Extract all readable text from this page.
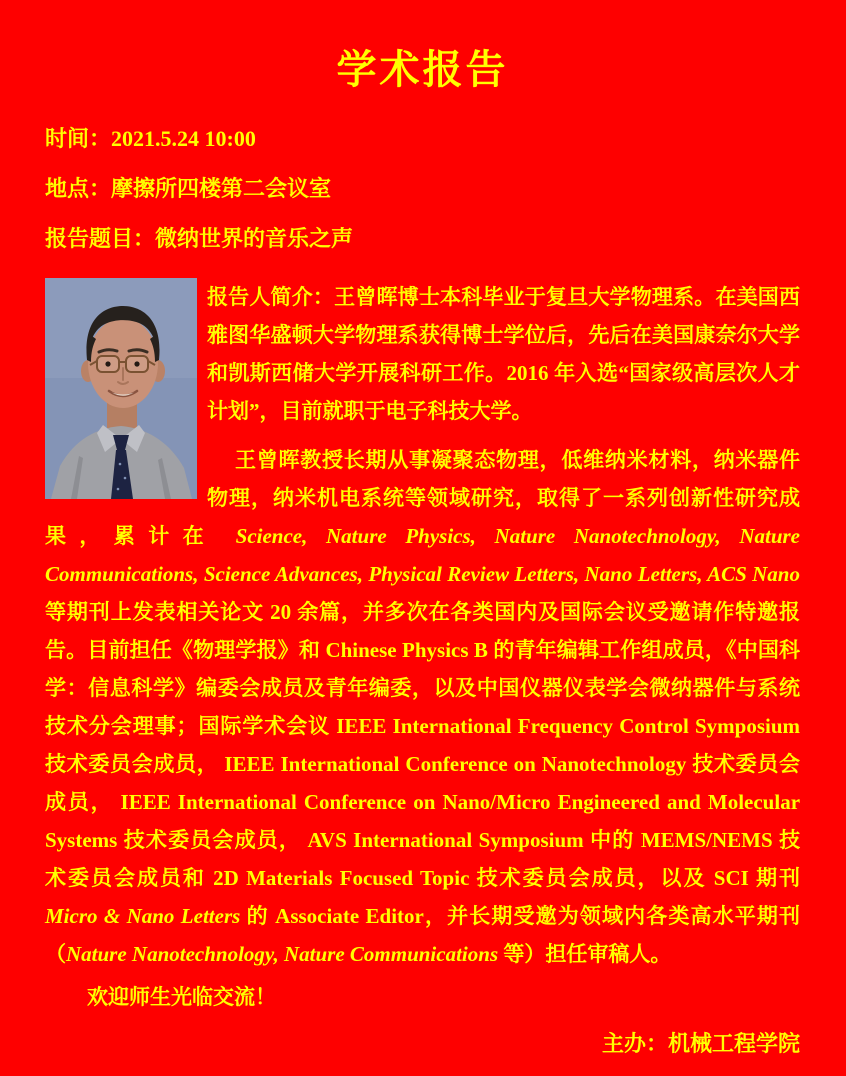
学术报告

时间：2021.5.24 10:00

地点：摩擦所四楼第二会议室

报告题目：微纳世界的音乐之声

报告人简介：王曾晖博士本科毕业于复旦大学物理系。在美国西雅图华盛顿大学物理系获得博士学位后，先后在美国康奈尔大学和凯斯西储大学开展科研工作。2016 年入选“国家级高层次人才计划”，目前就职于电子科技大学。

王曾晖教授长期从事凝聚态物理，低维纳米材料，纳米器件物理，纳米机电系统等领域研究，取得了一系列创新性研究成果，累计在 Science, Nature Physics, Nature Nanotechnology, Nature Communications, Science Advances, Physical Review Letters, Nano Letters, ACS Nano 等期刊上发表相关论文 20 余篇，并多次在各类国内及国际会议受邀请作特邀报告。目前担任《物理学报》和 Chinese Physics B 的青年编辑工作组成员，《中国科学：信息科学》编委会成员及青年编委，以及中国仪器仪表学会微纳器件与系统技术分会理事；国际学术会议 IEEE International Frequency Control Symposium 技术委员会成员， IEEE International Conference on Nanotechnology 技术委员会成员， IEEE International Conference on Nano/Micro Engineered and Molecular Systems 技术委员会成员， AVS International Symposium 中的 MEMS/NEMS 技术委员会成员和 2D Materials Focused Topic 技术委员会成员，以及 SCI 期刊 Micro & Nano Letters 的 Associate Editor，并长期受邀为领域内各类高水平期刊（Nature Nanotechnology, Nature Communications 等）担任审稿人。

欢迎师生光临交流！

主办：机械工程学院
